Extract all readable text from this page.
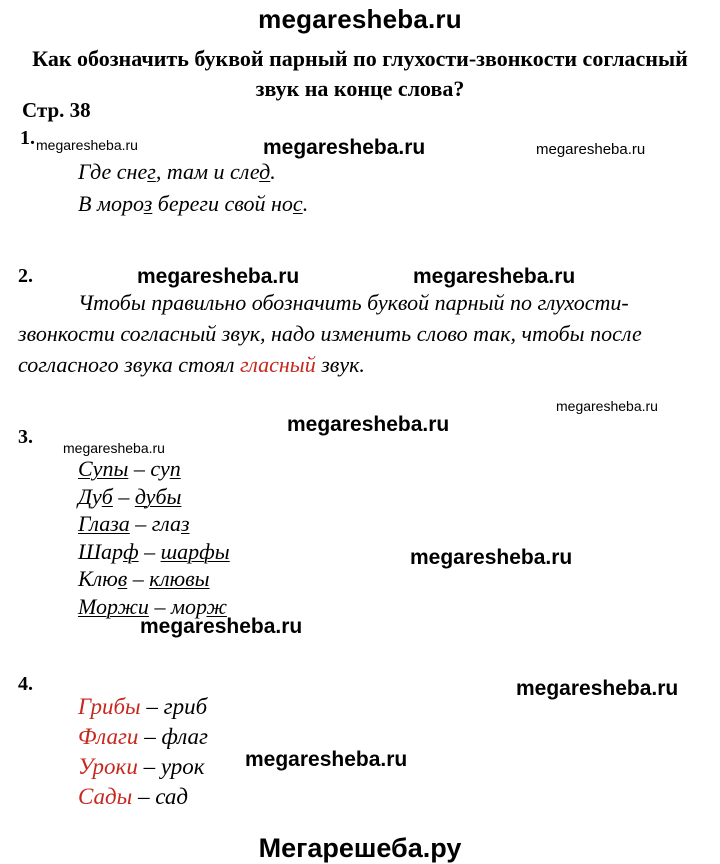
megaresheba.ru
Как обозначить буквой парный по глухости-звонкости согласный
звук на конце слова?
Стр. 38
1. megaresheba.ru	megaresheba.ru	megaresheba.ru
Где снег, там и след.
В мороз береги свой нос.
2.	megaresheba.ru	megaresheba.ru
Чтобы правильно обозначить буквой парный по глухости-
звонкости согласный звук, надо изменить слово так, чтобы после
согласного звука стоял гласный звук.
megaresheba.ru
megaresheba.ru
3. megaresheba.ru
Супы – суп
Дуб – дубы
Глаза – глаз
Шарф – шарфы
Клюв – клювы
Моржи – морж
megaresheba.ru
megaresheba.ru
4.	megaresheba.ru
Грибы – гриб
Флаги – флаг
Уроки – урок
Сады – сад
megaresheba.ru
Мегарешеба.ру
